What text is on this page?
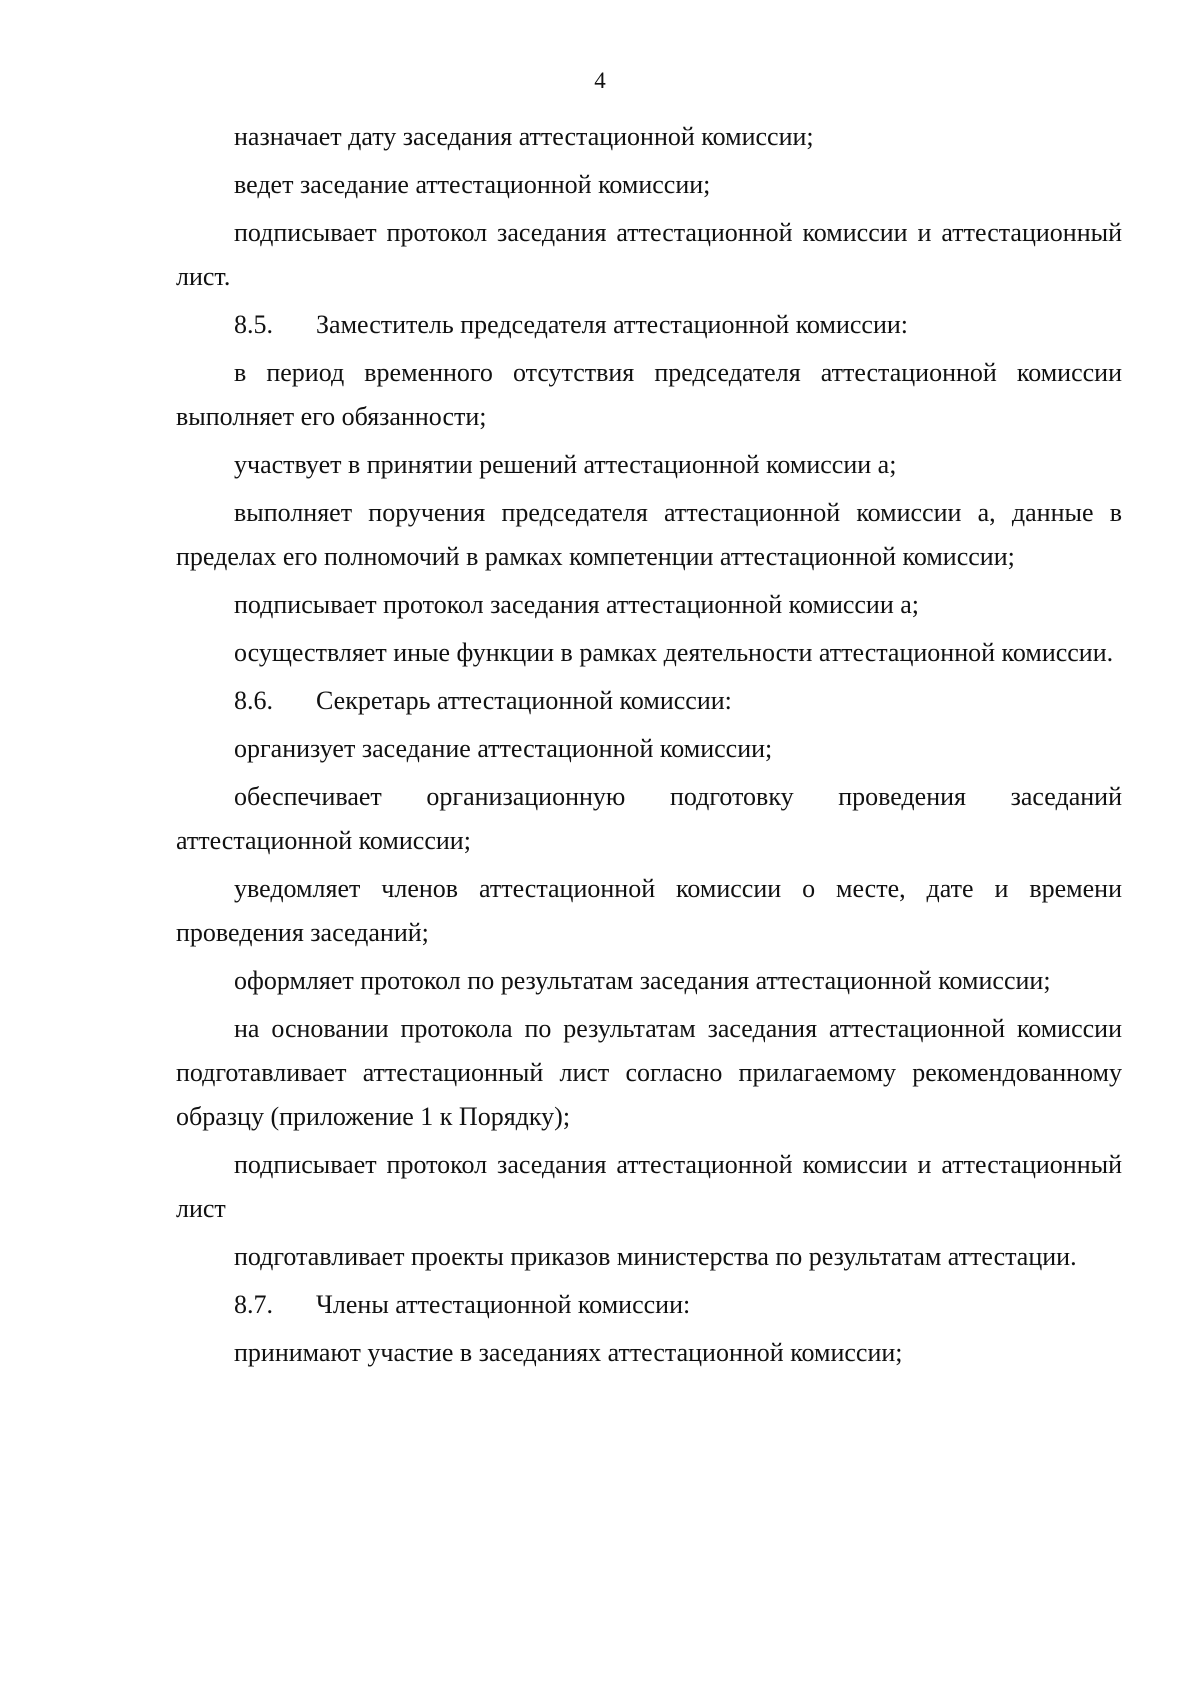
4

назначает дату заседания аттестационной комиссии;

ведет заседание аттестационной комиссии;

подписывает протокол заседания аттестационной комиссии и аттестационный лист.

8.5. Заместитель председателя аттестационной комиссии:

в период временного отсутствия председателя аттестационной комиссии выполняет его обязанности;

участвует в принятии решений аттестационной комиссии а;

выполняет поручения председателя аттестационной комиссии а, данные в пределах его полномочий в рамках компетенции аттестационной комиссии;

подписывает протокол заседания аттестационной комиссии а;

осуществляет иные функции в рамках деятельности аттестационной комиссии.

8.6. Секретарь аттестационной комиссии:

организует заседание аттестационной комиссии;

обеспечивает организационную подготовку проведения заседаний аттестационной комиссии;

уведомляет членов аттестационной комиссии о месте, дате и времени проведения заседаний;

оформляет протокол по результатам заседания аттестационной комиссии;

на основании протокола по результатам заседания аттестационной комиссии подготавливает аттестационный лист согласно прилагаемому рекомендованному образцу (приложение 1 к Порядку);

подписывает протокол заседания аттестационной комиссии и аттестационный лист

подготавливает проекты приказов министерства по результатам аттестации.

8.7. Члены аттестационной комиссии:

принимают участие в заседаниях аттестационной комиссии;
